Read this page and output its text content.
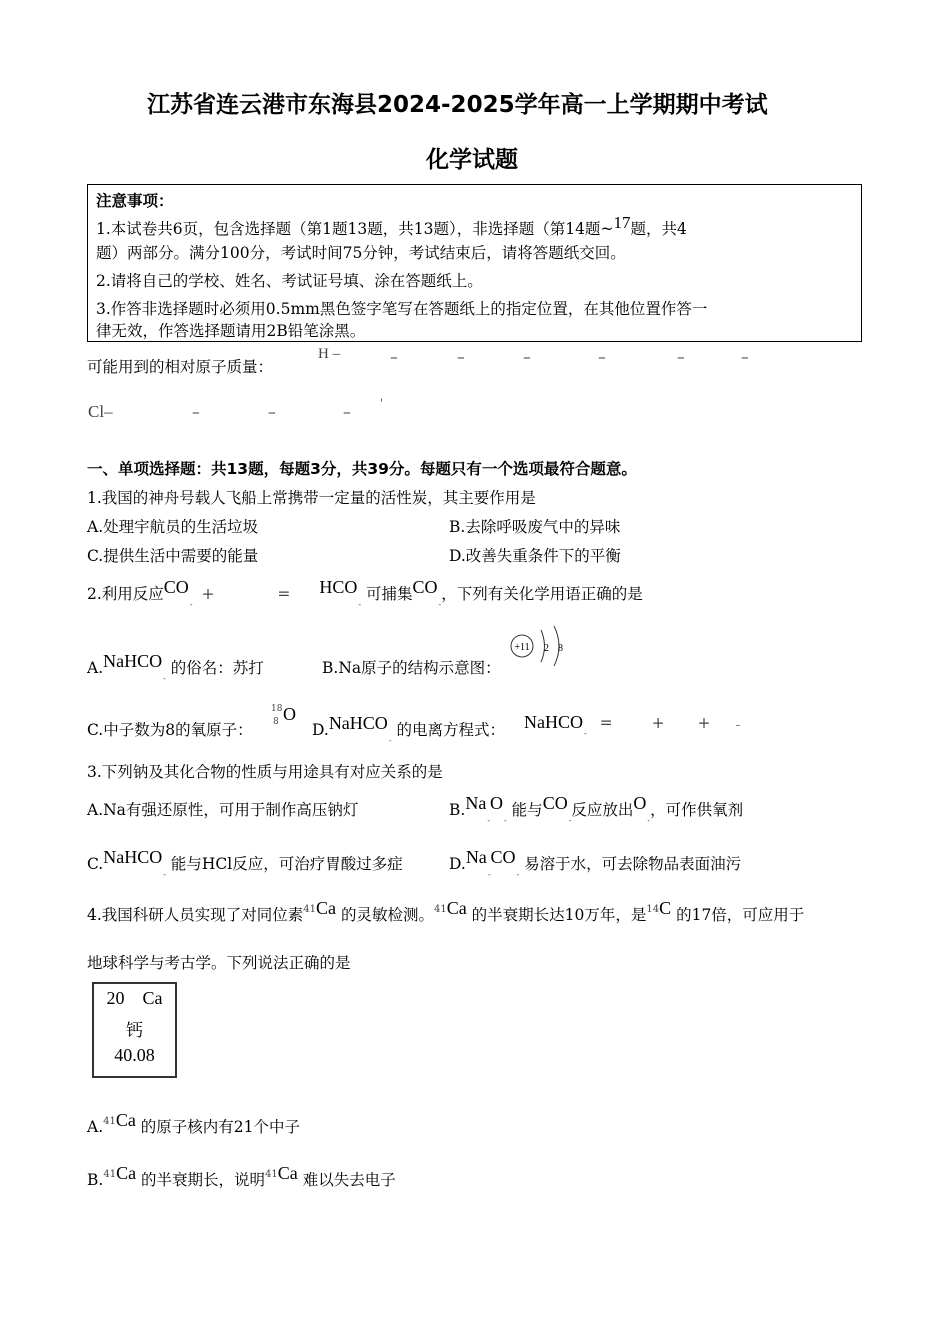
江苏省连云港市东海县2024-2025学年高一上学期期中考试
化学试题
注意事项：
1.本试卷共6页，包含选择题（第1题13题，共13题），非选择题（第14题~17题，共4
题）两部分。满分100分，考试时间75分钟，考试结束后，请将答题纸交回。
2.请将自己的学校、姓名、考试证号填、涂在答题纸上。
3.作答非选择题时必须用0.5mm黑色签字笔写在答题纸上的指定位置，在其他位置作答一
律无效，作答选择题请用2B铅笔涂黑。
可能用到的相对原子质量：
H –	–	–	–	–	–	–
Cl–	–	–	–	ʹ
一、单项选择题：共13题，每题3分，共39分。每题只有一个选项最符合题意。
1.我国的神舟号载人飞船上常携带一定量的活性炭，其主要作用是
A.处理宇航员的生活垃圾	B.去除呼吸废气中的异味
C.提供生活中需要的能量	D.改善失重条件下的平衡
2.利用反应$CO_-$ +	= $HCO_-$ 可捕集$CO_-$，下列有关化学用语正确的是
A.NaHCO$_-$ 的俗名：苏打	B.Na原子的结构示意图：
+11 2 8
C.中子数为8的氧原子：
18
8 O
D.NaHCO$_-$ 的电离方程式： NaHCO$_-$ =	+ + –
3.下列钠及其化合物的性质与用途具有对应关系的是
A.Na有强还原性，可用于制作高压钠灯	$B.Na_-O_-$ 能与$CO_-$反应放出$O_-$，可作供氧剂
C.NaHCO$_-$ 能与HCl反应，可治疗胃酸过多症	$D.Na_-CO_-$ 易溶于水，可去除物品表面油污
4.我国科研人员实现了对同位素$^{41}$Ca 的灵敏检测。$^{41}$Ca 的半衰期长达10万年，是$^{14}$C 的17倍，可应用于
地球科学与考古学。下列说法正确的是
20 Ca
钙
40.08
A.$^{41}$Ca 的原子核内有21个中子
B.$^{41}$Ca 的半衰期长，说明$^{41}$Ca 难以失去电子
